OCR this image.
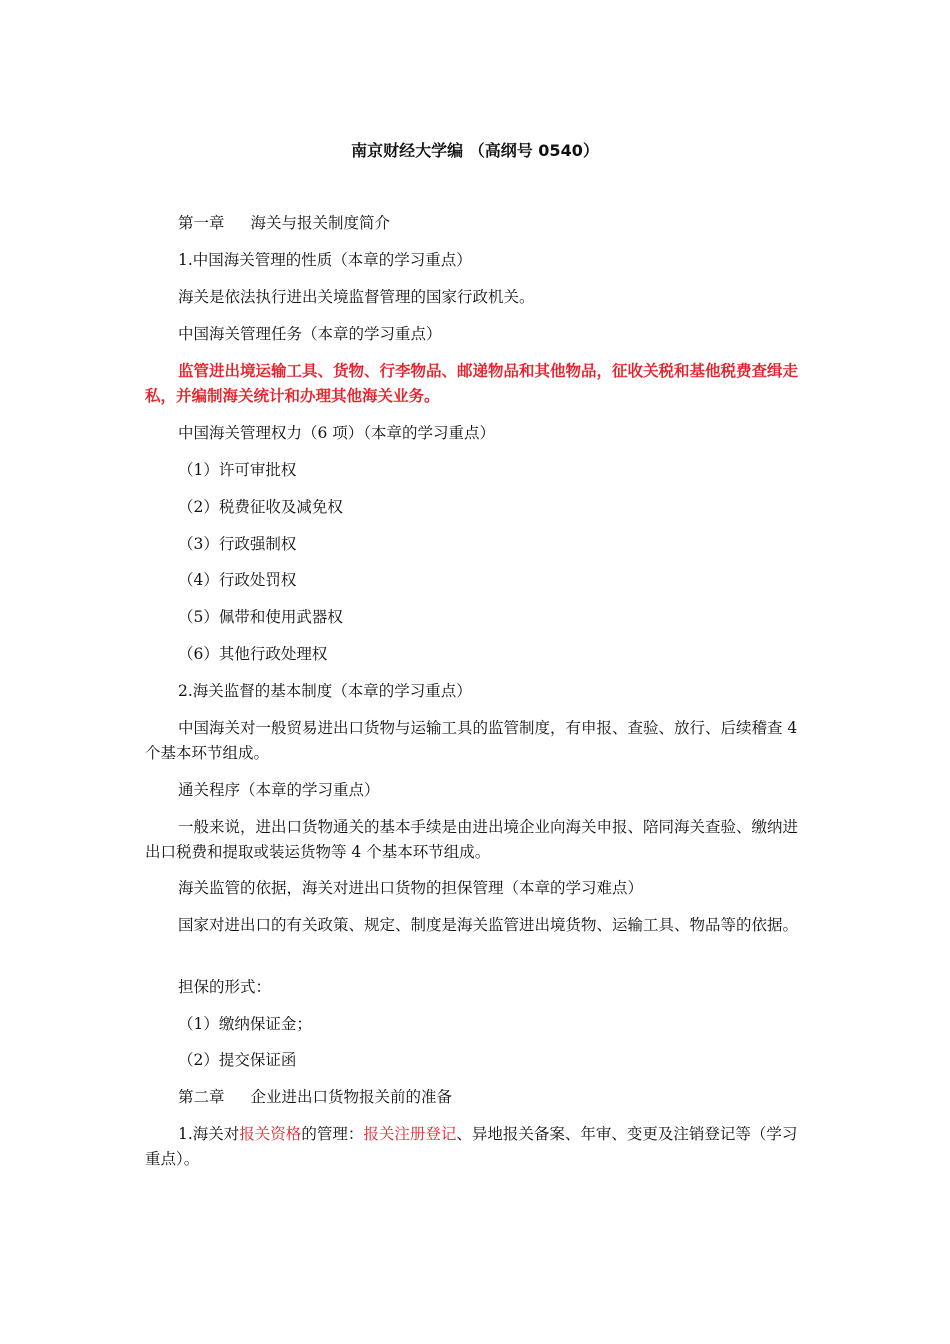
南京财经大学编 （高纲号 0540）
第一章 海关与报关制度简介
1.中国海关管理的性质（本章的学习重点）
海关是依法执行进出关境监督管理的国家行政机关。
中国海关管理任务（本章的学习重点）
监管进出境运输工具、货物、行李物品、邮递物品和其他物品，征收关税和基他税费查缉走私，并编制海关统计和办理其他海关业务。
中国海关管理权力（6 项）（本章的学习重点）
（1）许可审批权
（2）税费征收及减免权
（3）行政强制权
（4）行政处罚权
（5）佩带和使用武器权
（6）其他行政处理权
2.海关监督的基本制度（本章的学习重点）
中国海关对一般贸易进出口货物与运输工具的监管制度，有申报、查验、放行、后续稽查 4 个基本环节组成。
通关程序（本章的学习重点）
一般来说，进出口货物通关的基本手续是由进出境企业向海关申报、陪同海关查验、缴纳进出口税费和提取或装运货物等 4 个基本环节组成。
海关监管的依据，海关对进出口货物的担保管理（本章的学习难点）
国家对进出口的有关政策、规定、制度是海关监管进出境货物、运输工具、物品等的依据。
担保的形式：
（1）缴纳保证金；
（2）提交保证函
第二章 企业进出口货物报关前的准备
1.海关对报关资格的管理：报关注册登记、异地报关备案、年审、变更及注销登记等（学习重点）。
